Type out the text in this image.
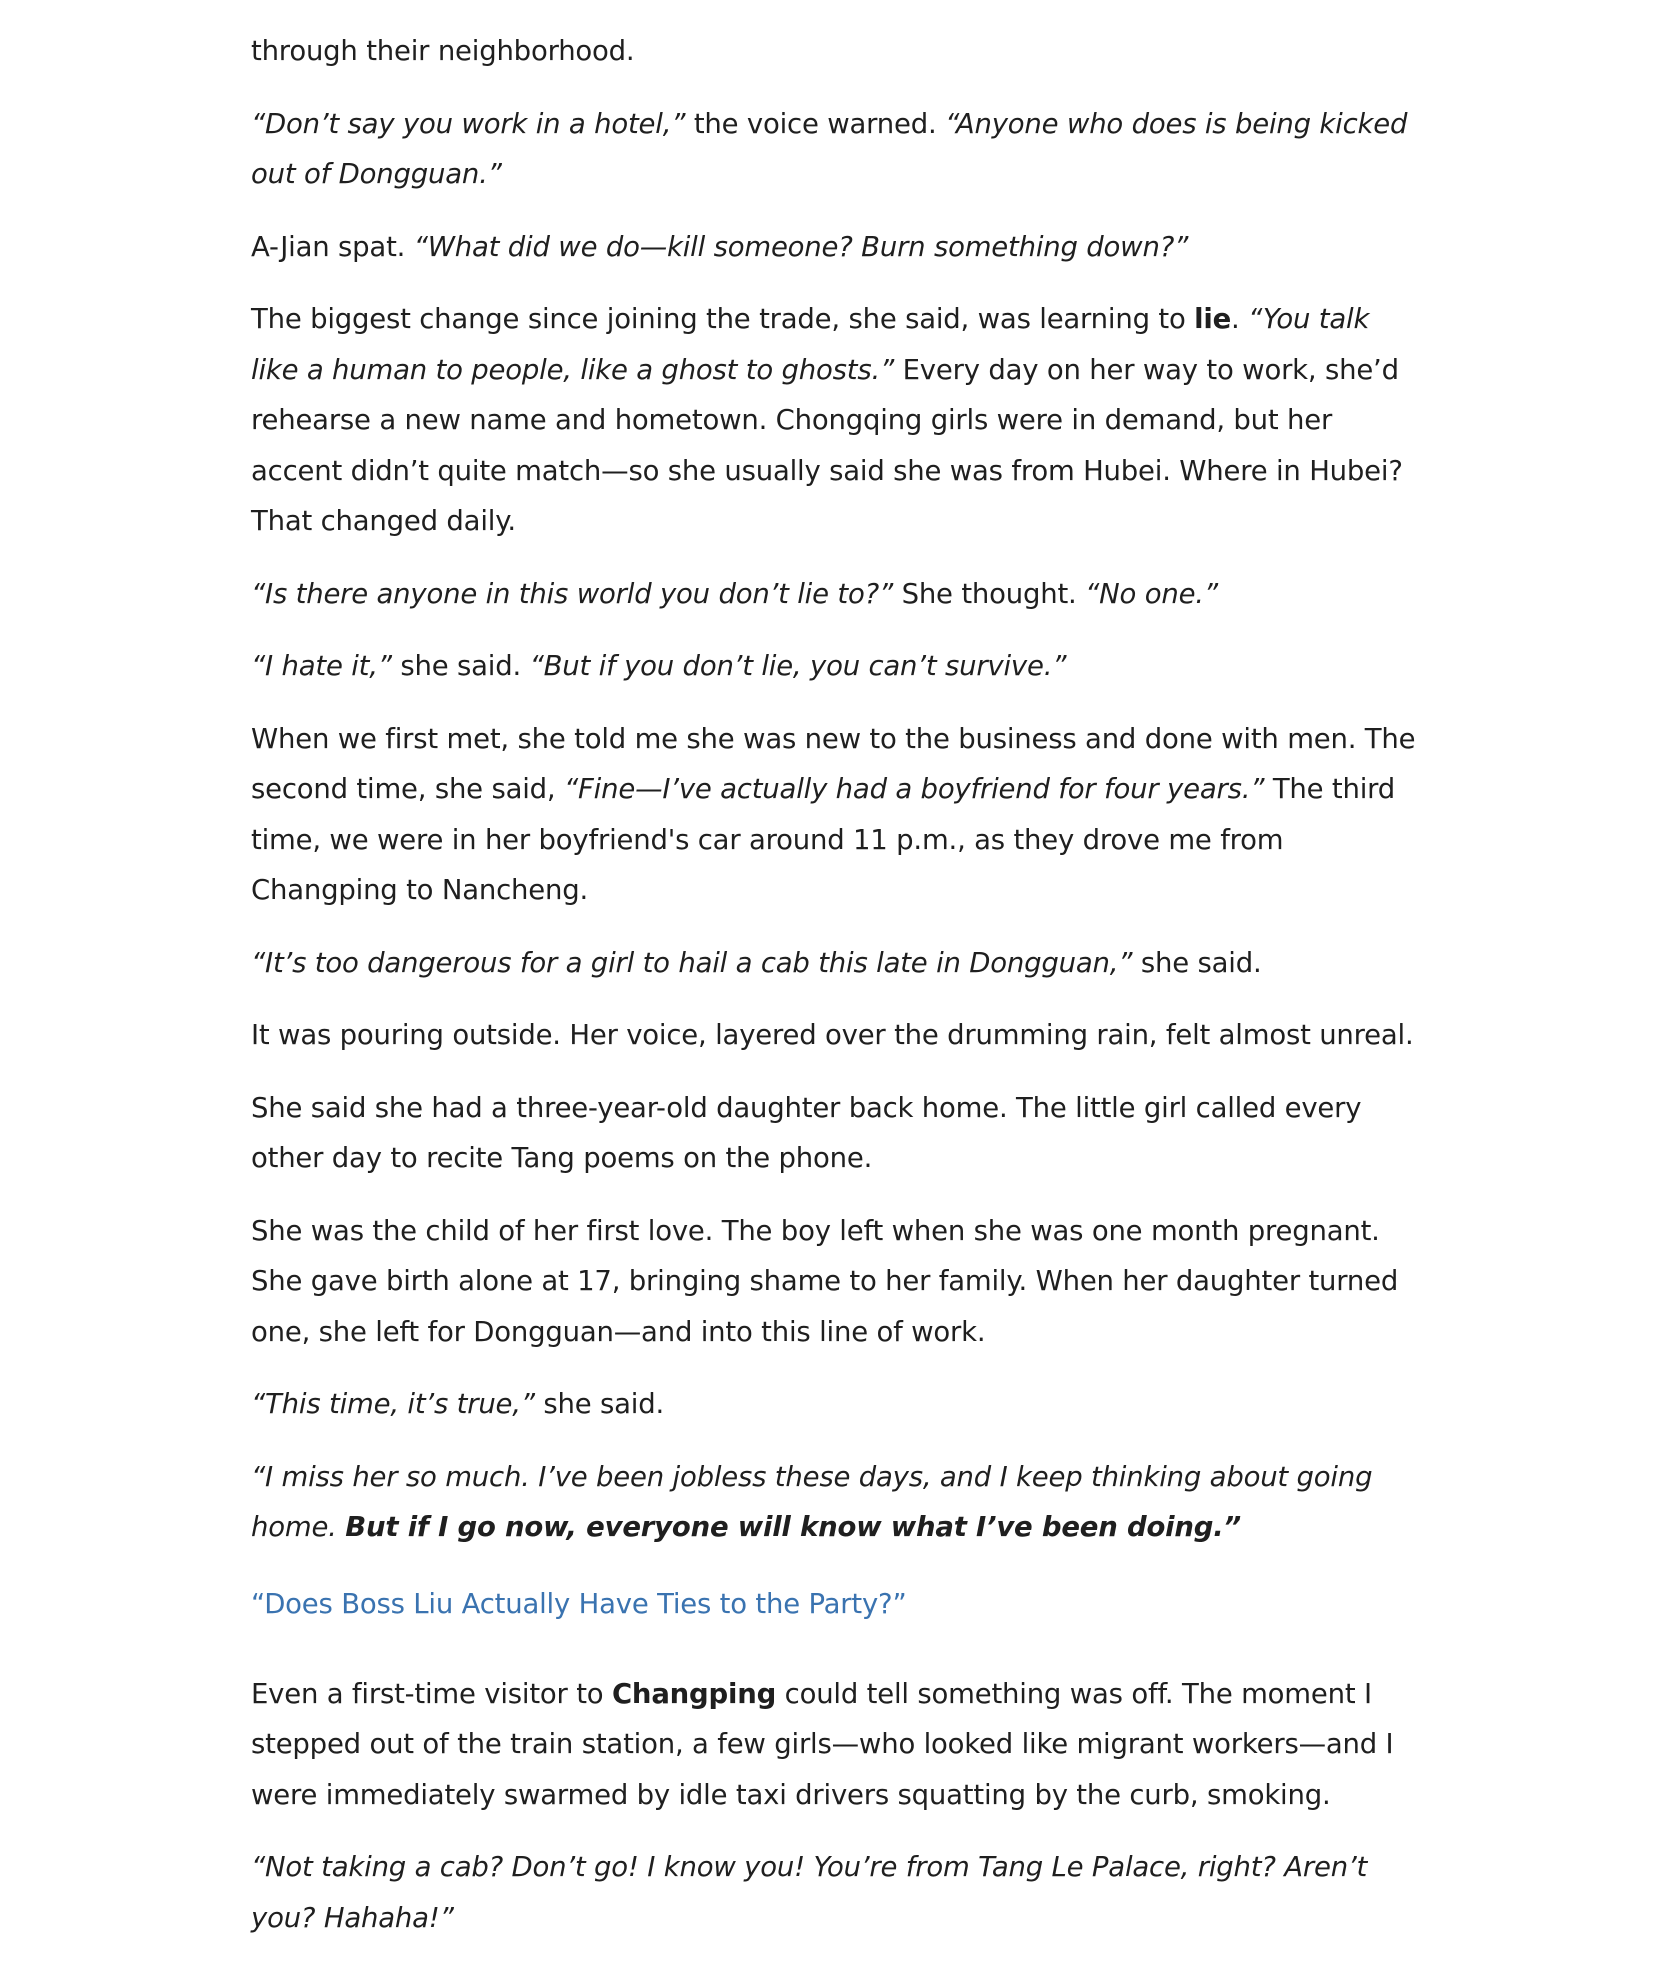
through their neighborhood.

“Don’t say you work in a hotel,” the voice warned. “Anyone who does is being kicked out of Dongguan.”

A-Jian spat. “What did we do—kill someone? Burn something down?”

The biggest change since joining the trade, she said, was learning to lie. “You talk like a human to people, like a ghost to ghosts.” Every day on her way to work, she’d rehearse a new name and hometown. Chongqing girls were in demand, but her accent didn’t quite match—so she usually said she was from Hubei. Where in Hubei? That changed daily.

“Is there anyone in this world you don’t lie to?” She thought. “No one.”

“I hate it,” she said. “But if you don’t lie, you can’t survive.”

When we first met, she told me she was new to the business and done with men. The second time, she said, “Fine—I’ve actually had a boyfriend for four years.” The third time, we were in her boyfriend's car around 11 p.m., as they drove me from Changping to Nancheng.

“It’s too dangerous for a girl to hail a cab this late in Dongguan,” she said.

It was pouring outside. Her voice, layered over the drumming rain, felt almost unreal.

She said she had a three-year-old daughter back home. The little girl called every other day to recite Tang poems on the phone.

She was the child of her first love. The boy left when she was one month pregnant. She gave birth alone at 17, bringing shame to her family. When her daughter turned one, she left for Dongguan—and into this line of work.

“This time, it’s true,” she said.

“I miss her so much. I’ve been jobless these days, and I keep thinking about going home. But if I go now, everyone will know what I’ve been doing.”

“Does Boss Liu Actually Have Ties to the Party?”

Even a first-time visitor to Changping could tell something was off. The moment I stepped out of the train station, a few girls—who looked like migrant workers—and I were immediately swarmed by idle taxi drivers squatting by the curb, smoking.

“Not taking a cab? Don’t go! I know you! You’re from Tang Le Palace, right? Aren’t you? Hahaha!”
